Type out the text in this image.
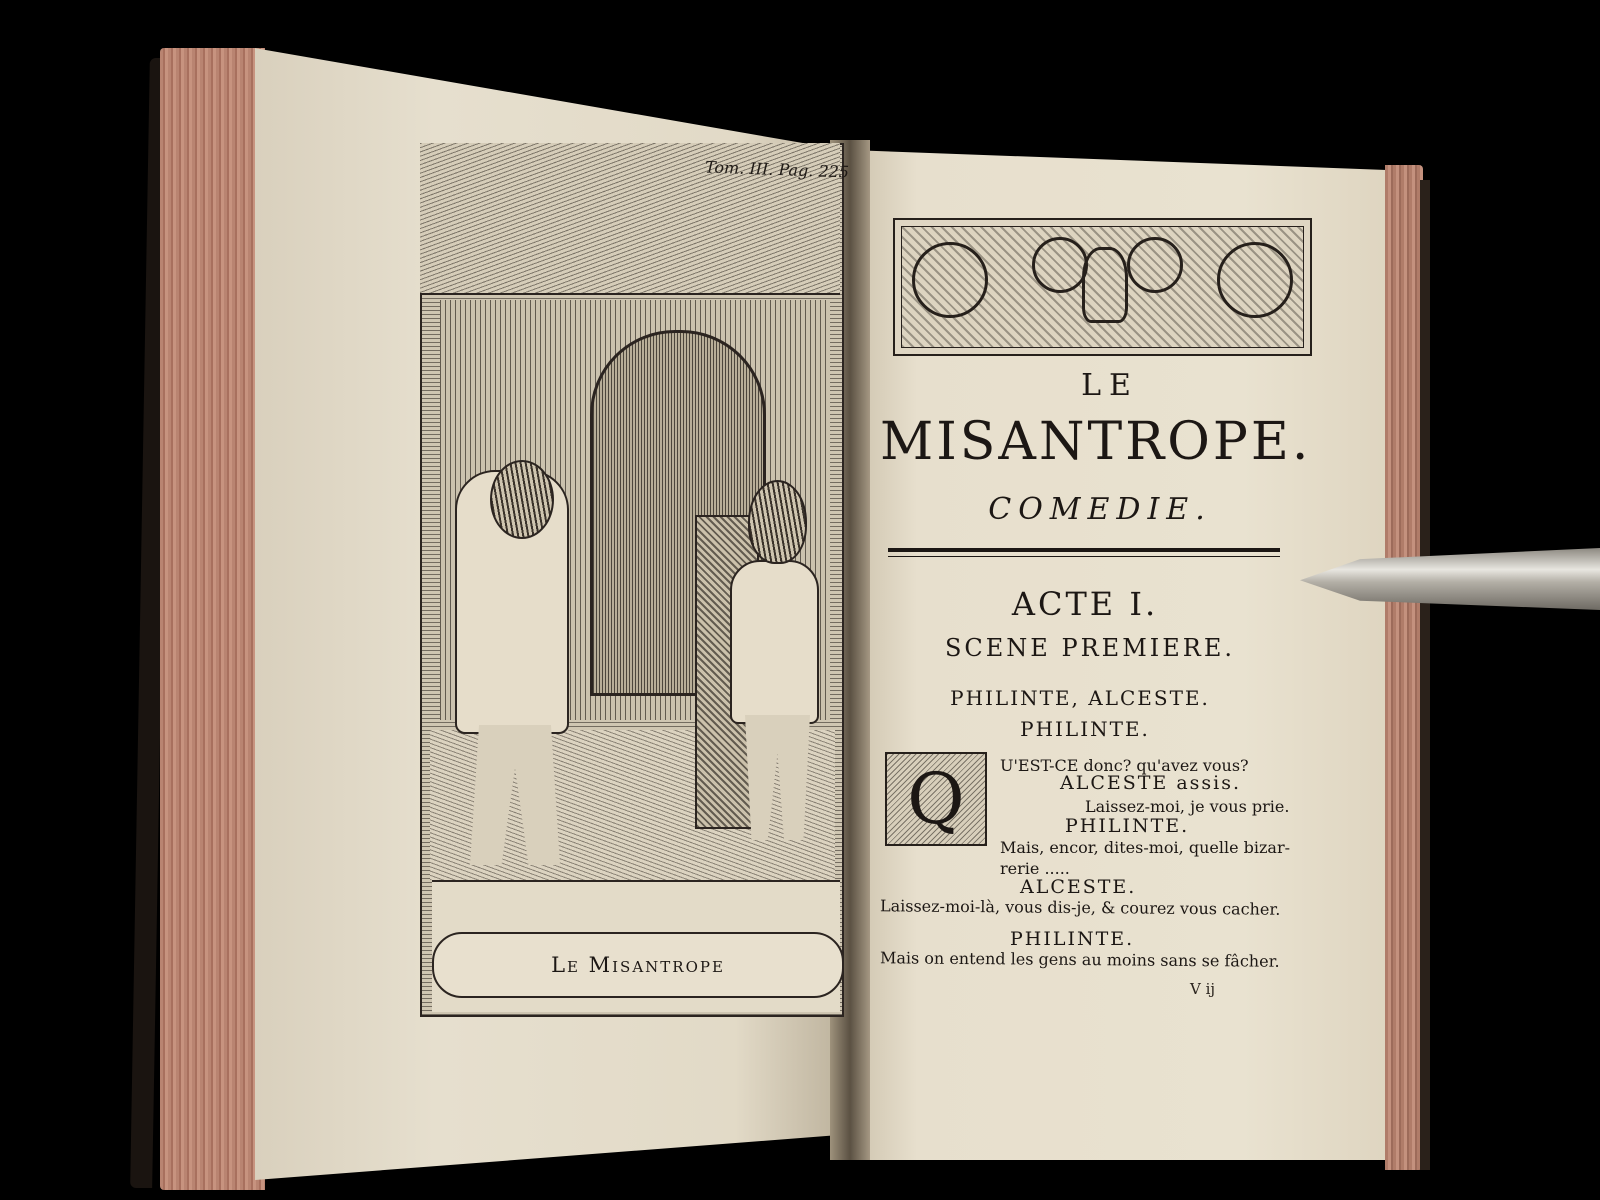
Tom. III. Pag. 225
Le Misantrope
LE
MISANTROPE.
COMEDIE.
ACTE I.
SCENE PREMIERE.
PHILINTE, ALCESTE.
PHILINTE.
Q U'EST-CE donc? qu'avez vous?
ALCESTE assis.
Laissez-moi, je vous prie.
PHILINTE.
Mais, encor, dites-moi, quelle bizar-
rerie .....
ALCESTE.
Laissez-moi-là, vous dis-je, & courez vous cacher.
PHILINTE.
Mais on entend les gens au moins sans se fâcher.
V ij
